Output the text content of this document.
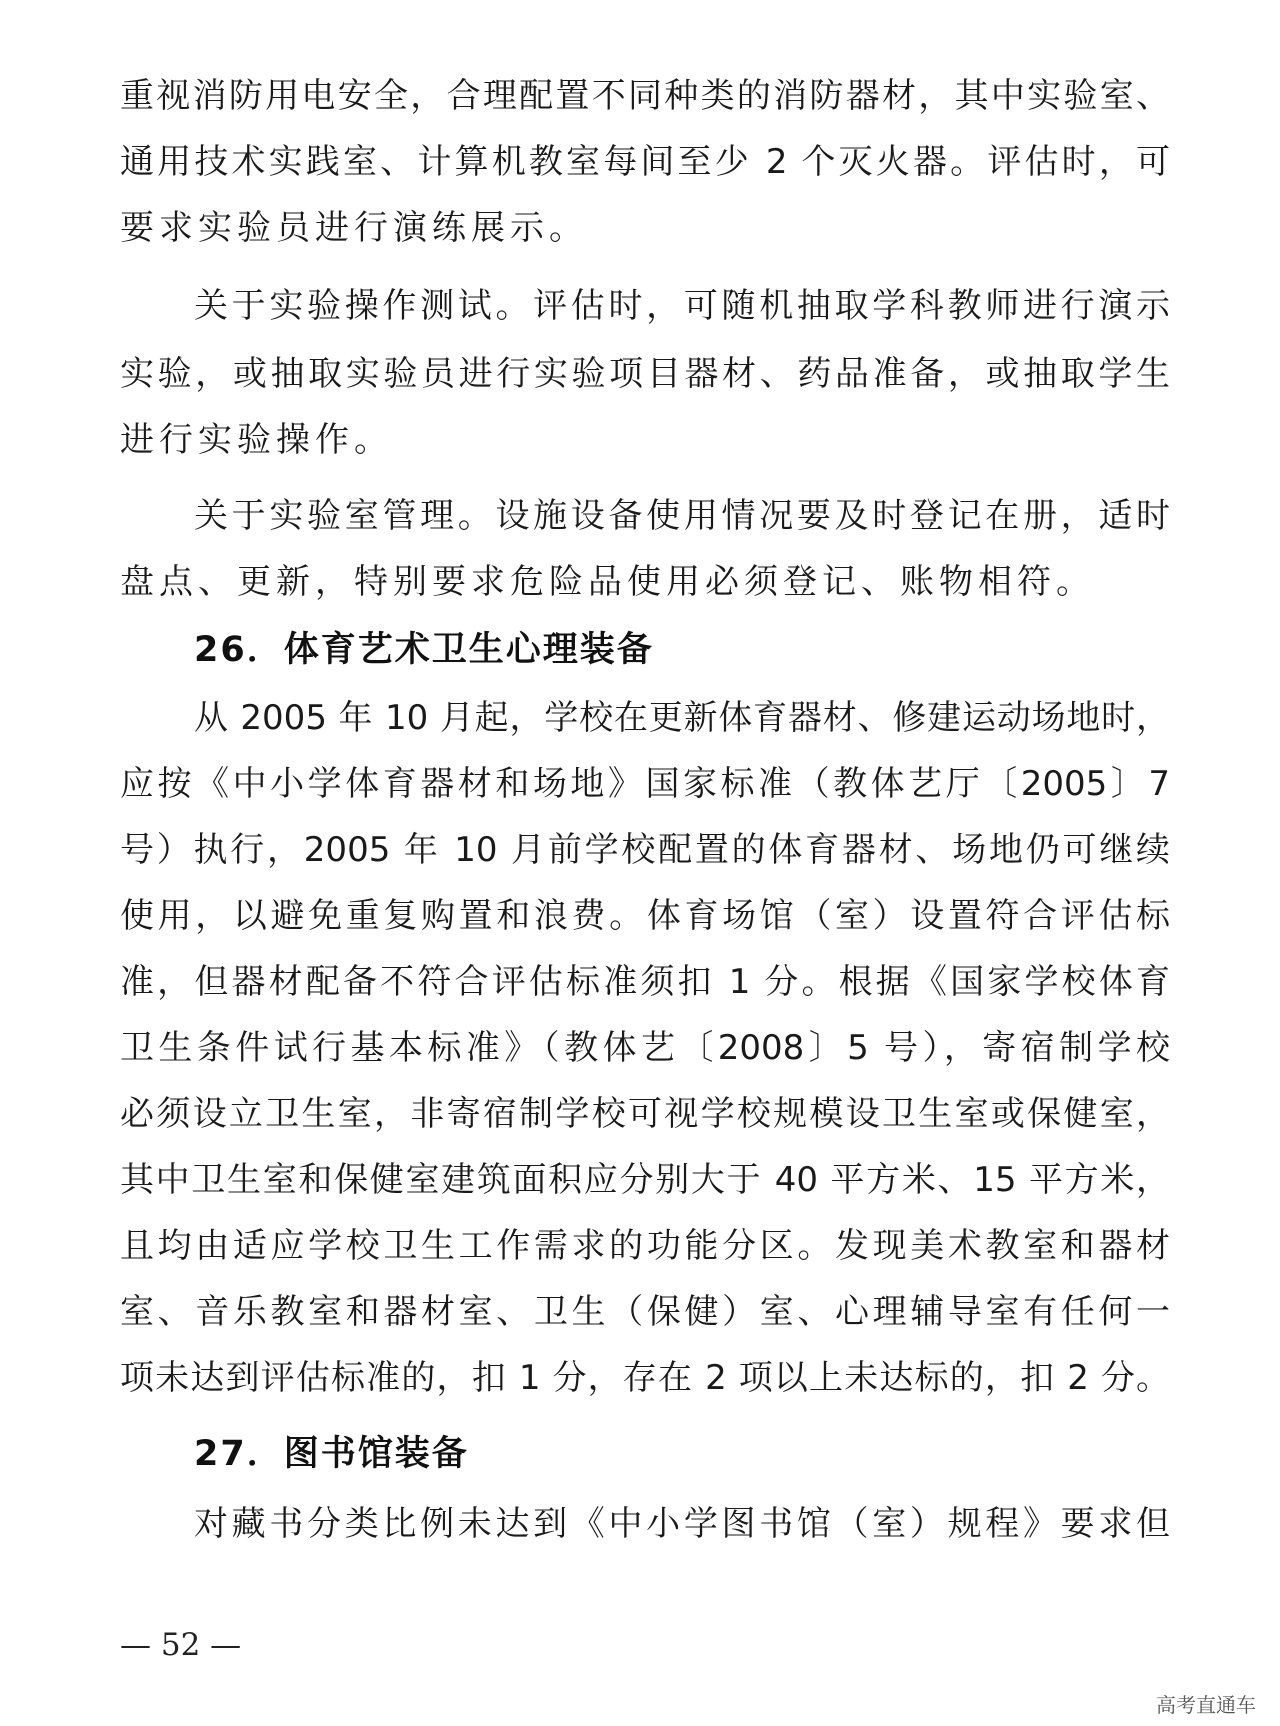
重视消防用电安全，合理配置不同种类的消防器材，其中实验室、
通用技术实践室、计算机教室每间至少 2 个灭火器。评估时，可
要求实验员进行演练展示。
关于实验操作测试。评估时，可随机抽取学科教师进行演示
实验，或抽取实验员进行实验项目器材、药品准备，或抽取学生
进行实验操作。
关于实验室管理。设施设备使用情况要及时登记在册，适时
盘点、更新，特别要求危险品使用必须登记、账物相符。
26．体育艺术卫生心理装备
从 2005 年 10 月起，学校在更新体育器材、修建运动场地时，
应按《中小学体育器材和场地》国家标准（教体艺厅〔2005〕7
号）执行，2005 年 10 月前学校配置的体育器材、场地仍可继续
使用，以避免重复购置和浪费。体育场馆（室）设置符合评估标
准，但器材配备不符合评估标准须扣 1 分。根据《国家学校体育
卫生条件试行基本标准》（教体艺〔2008〕5 号），寄宿制学校
必须设立卫生室，非寄宿制学校可视学校规模设卫生室或保健室，
其中卫生室和保健室建筑面积应分别大于 40 平方米、15 平方米，
且均由适应学校卫生工作需求的功能分区。发现美术教室和器材
室、音乐教室和器材室、卫生（保健）室、心理辅导室有任何一
项未达到评估标准的，扣 1 分，存在 2 项以上未达标的，扣 2 分。
27．图书馆装备
对藏书分类比例未达到《中小学图书馆（室）规程》要求但
— 52 —
高考直通车
